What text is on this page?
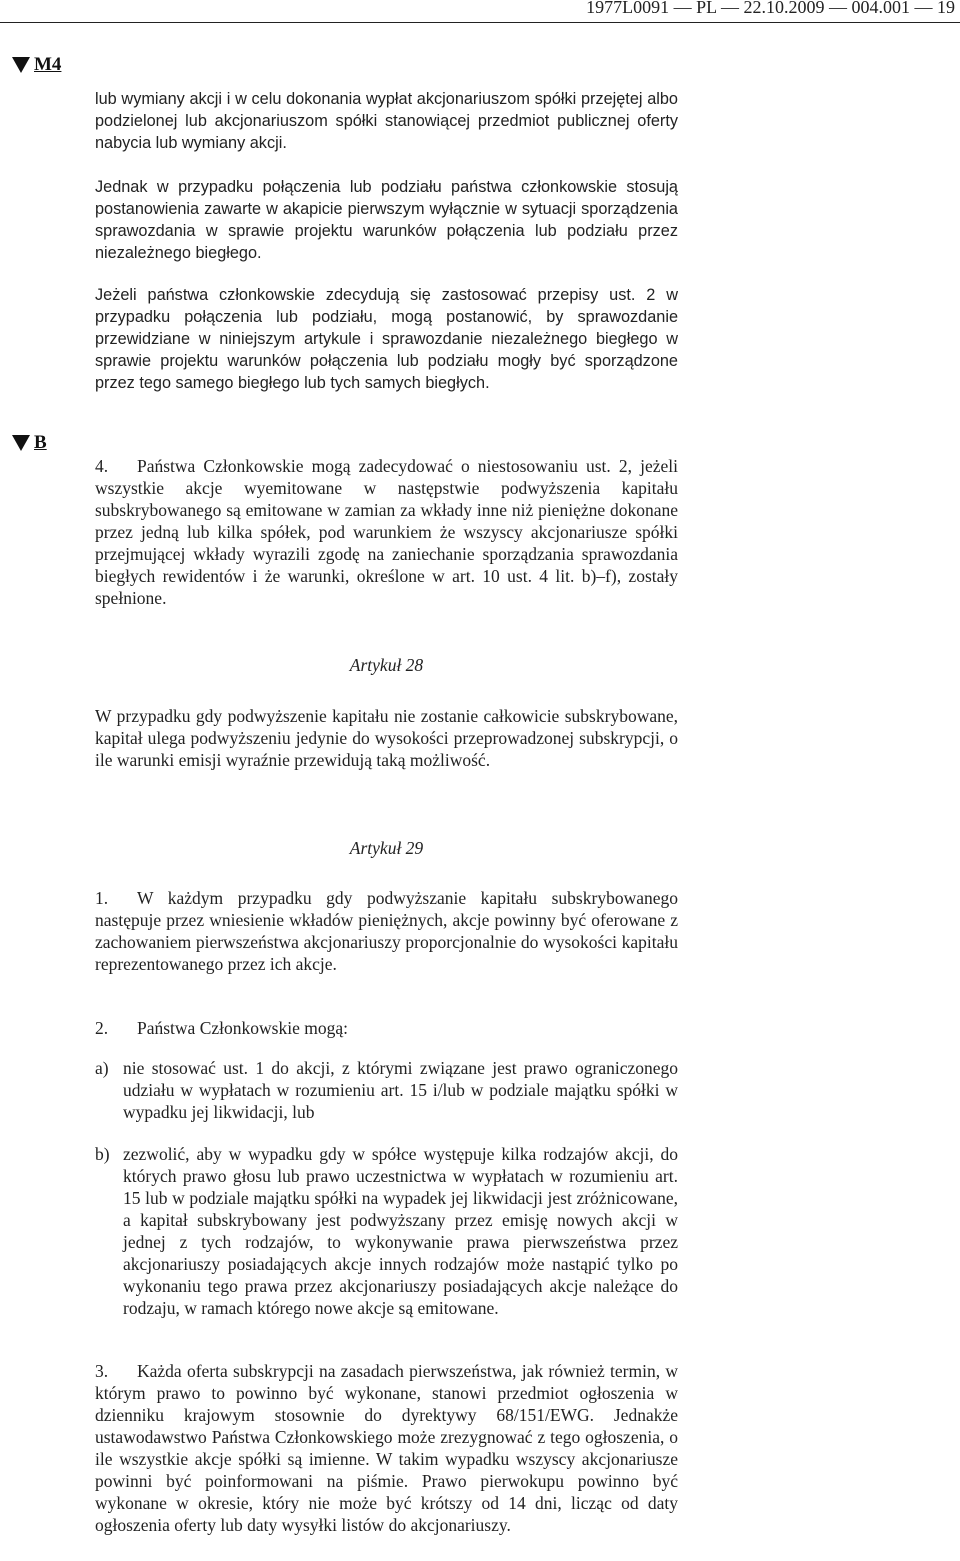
1977L0091 — PL — 22.10.2009 — 004.001 — 19
M4

lub wymiany akcji i w celu dokonania wypłat akcjonariuszom spółki przejętej albo podzielonej lub akcjonariuszom spółki stanowiącej przedmiot publicznej oferty nabycia lub wymiany akcji.

Jednak w przypadku połączenia lub podziału państwa członkowskie stosują postanowienia zawarte w akapicie pierwszym wyłącznie w sytuacji sporządzenia sprawozdania w sprawie projektu warunków połączenia lub podziału przez niezależnego biegłego.

Jeżeli państwa członkowskie zdecydują się zastosować przepisy ust. 2 w przypadku połączenia lub podziału, mogą postanowić, by sprawozdanie przewidziane w niniejszym artykule i sprawozdanie niezależnego biegłego w sprawie projektu warunków połączenia lub podziału mogły być sporządzone przez tego samego biegłego lub tych samych biegłych.

B

4. Państwa Członkowskie mogą zadecydować o niestosowaniu ust. 2, jeżeli wszystkie akcje wyemitowane w następstwie podwyższenia kapitału subskrybowanego są emitowane w zamian za wkłady inne niż pieniężne dokonane przez jedną lub kilka spółek, pod warunkiem że wszyscy akcjonariusze spółki przejmującej wkłady wyrazili zgodę na zaniechanie sporządzania sprawozdania biegłych rewidentów i że warunki, określone w art. 10 ust. 4 lit. b)–f), zostały spełnione.

Artykuł 28

W przypadku gdy podwyższenie kapitału nie zostanie całkowicie subskrybowane, kapitał ulega podwyższeniu jedynie do wysokości przeprowadzonej subskrypcji, o ile warunki emisji wyraźnie przewidują taką możliwość.

Artykuł 29

1. W każdym przypadku gdy podwyższanie kapitału subskrybowanego następuje przez wniesienie wkładów pieniężnych, akcje powinny być oferowane z zachowaniem pierwszeństwa akcjonariuszy proporcjonalnie do wysokości kapitału reprezentowanego przez ich akcje.

2. Państwa Członkowskie mogą:

a) nie stosować ust. 1 do akcji, z którymi związane jest prawo ograniczonego udziału w wypłatach w rozumieniu art. 15 i/lub w podziale majątku spółki w wypadku jej likwidacji, lub
b) zezwolić, aby w wypadku gdy w spółce występuje kilka rodzajów akcji, do których prawo głosu lub prawo uczestnictwa w wypłatach w rozumieniu art. 15 lub w podziale majątku spółki na wypadek jej likwidacji jest zróżnicowane, a kapitał subskrybowany jest podwyższany przez emisję nowych akcji w jednej z tych rodzajów, to wykonywanie prawa pierwszeństwa przez akcjonariuszy posiadających akcje innych rodzajów może nastąpić tylko po wykonaniu tego prawa przez akcjonariuszy posiadających akcje należące do rodzaju, w ramach którego nowe akcje są emitowane.

3. Każda oferta subskrypcji na zasadach pierwszeństwa, jak również termin, w którym prawo to powinno być wykonane, stanowi przedmiot ogłoszenia w dzienniku krajowym stosownie do dyrektywy 68/151/EWG. Jednakże ustawodawstwo Państwa Członkowskiego może zrezygnować z tego ogłoszenia, o ile wszystkie akcje spółki są imienne. W takim wypadku wszyscy akcjonariusze powinni być poinformowani na piśmie. Prawo pierwokupu powinno być wykonane w okresie, który nie może być krótszy od 14 dni, licząc od daty ogłoszenia oferty lub daty wysyłki listów do akcjonariuszy.
